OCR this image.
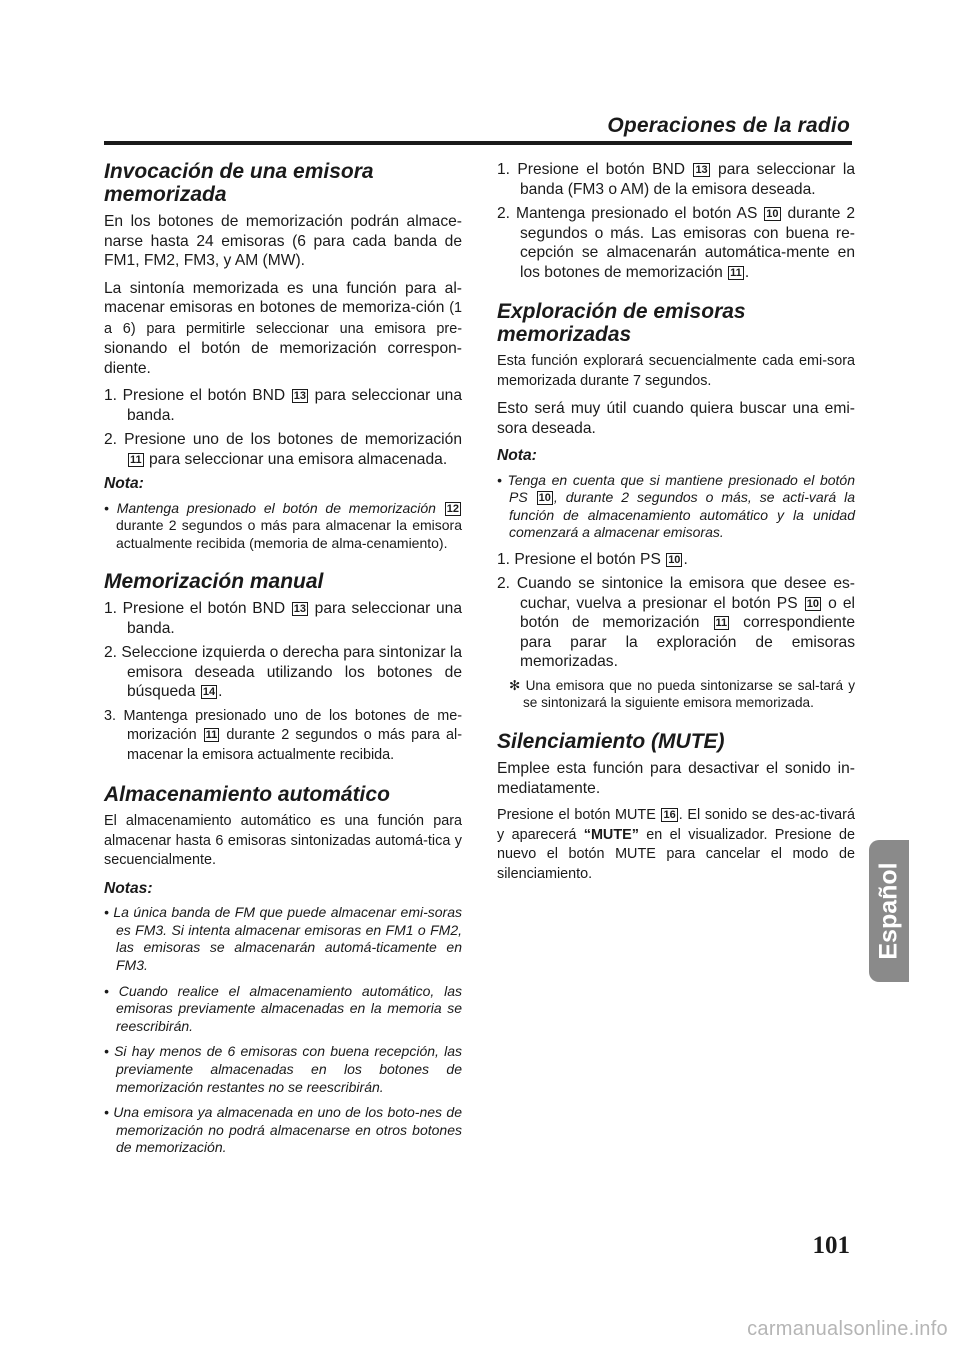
Operaciones de la radio
Invocación de una emisora
memorizada

En los botones de memorización podrán almace-narse hasta 24 emisoras (6 para cada banda de FM1, FM2, FM3, y AM (MW).

La sintonía memorizada es una función para al-macenar emisoras en botones de memoriza-ción (1 a 6) para permitirle seleccionar una emisora pre-sionando el botón de memorización correspon-diente.

1. Presione el botón BND 13 para seleccionar una banda.
2. Presione uno de los botones de memorización 11 para seleccionar una emisora almacenada.
Nota:
• Mantenga presionado el botón de memorización 12 durante 2 segundos o más para almacenar la emisora actualmente recibida (memoria de alma-cenamiento).
Memorización manual
1. Presione el botón BND 13 para seleccionar una banda.
2. Seleccione izquierda o derecha para sintonizar la emisora deseada utilizando los botones de búsqueda 14 .
3. Mantenga presionado uno de los botones de me-morización 11 durante 2 segundos o más para al-macenar la emisora actualmente recibida.
Almacenamiento automático

El almacenamiento automático es una función para almacenar hasta 6 emisoras sintonizadas automá-tica y secuencialmente.

Notas:
• La única banda de FM que puede almacenar emi-soras es FM3. Si intenta almacenar emisoras en FM1 o FM2, las emisoras se almacenarán automá-ticamente en FM3.
• Cuando realice el almacenamiento automático, las emisoras previamente almacenadas en la memoria se reescribirán.
• Si hay menos de 6 emisoras con buena recepción, las previamente almacenadas en los botones de memorización restantes no se reescribirán.
• Una emisora ya almacenada en uno de los boto-nes de memorización no podrá almacenarse en otros botones de memorización.
1. Presione el botón BND 13 para seleccionar la banda (FM3 o AM) de la emisora deseada.
2. Mantenga presionado el botón AS 10 durante 2 segundos o más. Las emisoras con buena re-cepción se almacenarán automática-mente en los botones de memorización 11 .
Exploración de emisoras memorizadas

Esta función explorará secuencialmente cada emi-sora memorizada durante 7 segundos.

Esto será muy útil cuando quiera buscar una emi-sora deseada.

Nota:
• Tenga en cuenta que si mantiene presionado el botón PS 10 , durante 2 segundos o más, se acti-vará la función de almacenamiento automático y la unidad comenzará a almacenar emisoras.
1. Presione el botón PS 10 .
2. Cuando se sintonice la emisora que desee es-cuchar, vuelva a presionar el botón PS 10 o el botón de memorización 11 correspondiente para parar la exploración de emisoras memorizadas.
✻ Una emisora que no pueda sintonizarse se sal-tará y se sintonizará la siguiente emisora memorizada.
Silenciamiento (MUTE)

Emplee esta función para desactivar el sonido in-mediatamente.

Presione el botón MUTE 16 . El sonido se des-ac-tivará y aparecerá “MUTE” en el visualizador. Presione de nuevo el botón MUTE para cancelar el modo de silenciamiento.	Español
101
carmanualsonline.info
